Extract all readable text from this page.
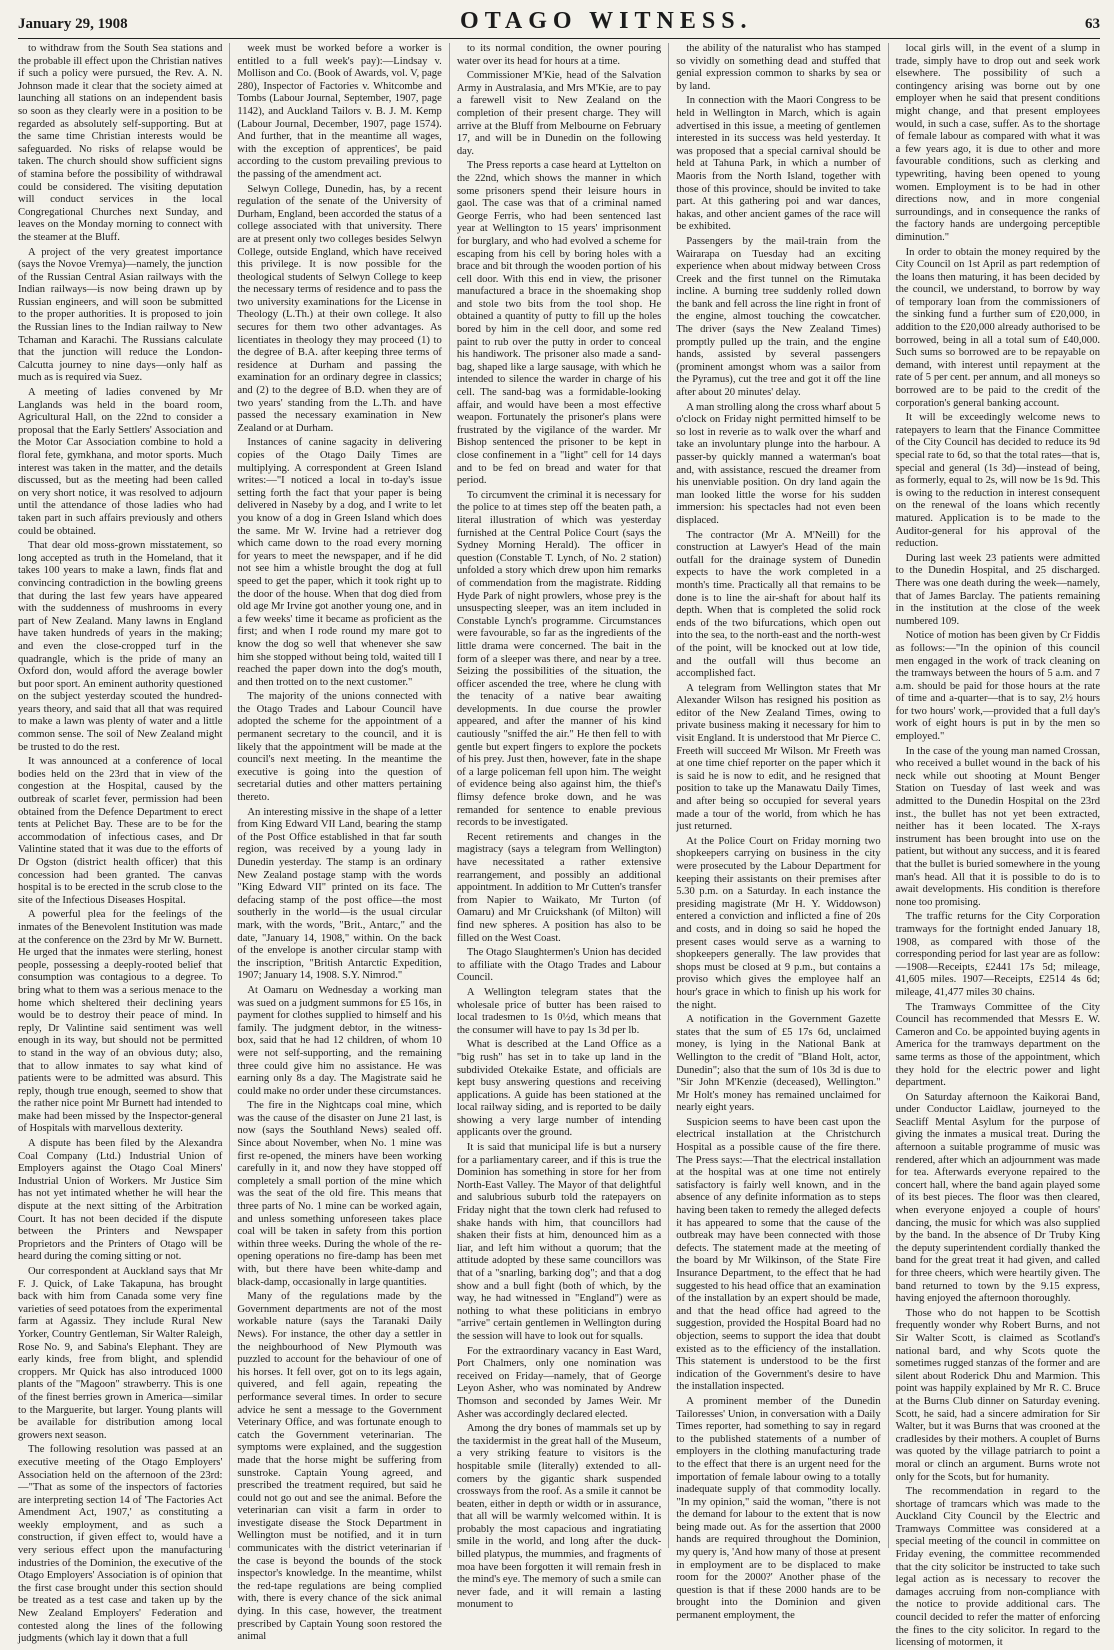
January 29, 1908	OTAGO WITNESS.	63

to withdraw from the South Sea stations and the probable ill effect upon the Christian natives if such a policy were pursued, the Rev. A. N. Johnson made it clear that the society aimed at launching all stations on an independent basis so soon as they clearly were in a position to be regarded as absolutely self-supporting. But at the same time Christian interests would be safeguarded. No risks of relapse would be taken. The church should show sufficient signs of stamina before the possibility of withdrawal could be considered. The visiting deputation will conduct services in the local Congregational Churches next Sunday, and leaves on the Monday morning to connect with the steamer at the Bluff.

A project of the very greatest importance (says the Novoe Vremya)—namely, the junction of the Russian Central Asian railways with the Indian railways—is now being drawn up by Russian engineers, and will soon be submitted to the proper authorities. It is proposed to join the Russian lines to the Indian railway to New Tchaman and Karachi. The Russians calculate that the junction will reduce the London-Calcutta journey to nine days—only half as much as is required via Suez.

A meeting of ladies convened by Mr Langlands was held in the board room, Agricultural Hall, on the 22nd to consider a proposal that the Early Settlers' Association and the Motor Car Association combine to hold a floral fete, gymkhana, and motor sports. Much interest was taken in the matter, and the details discussed, but as the meeting had been called on very short notice, it was resolved to adjourn until the attendance of those ladies who had taken part in such affairs previously and others could be obtained.

That dear old moss-grown misstatement, so long accepted as truth in the Homeland, that it takes 100 years to make a lawn, finds flat and convincing contradiction in the bowling greens that during the last few years have appeared with the suddenness of mushrooms in every part of New Zealand. Many lawns in England have taken hundreds of years in the making; and even the close-cropped turf in the quadrangle, which is the pride of many an Oxford don, would afford the average bowler but poor sport. An eminent authority questioned on the subject yesterday scouted the hundred-years theory, and said that all that was required to make a lawn was plenty of water and a little common sense. The soil of New Zealand might be trusted to do the rest.

It was announced at a conference of local bodies held on the 23rd that in view of the congestion at the Hospital, caused by the outbreak of scarlet fever, permission had been obtained from the Defence Department to erect tents at Pelichet Bay. These are to be for the accommodation of infectious cases, and Dr Valintine stated that it was due to the efforts of Dr Ogston (district health officer) that this concession had been granted. The canvas hospital is to be erected in the scrub close to the site of the Infectious Diseases Hospital.

A powerful plea for the feelings of the inmates of the Benevolent Institution was made at the conference on the 23rd by Mr W. Burnett. He urged that the inmates were sterling, honest people, possessing a deeply-rooted belief that consumption was contagious to a degree. To bring what to them was a serious menace to the home which sheltered their declining years would be to destroy their peace of mind. In reply, Dr Valintine said sentiment was well enough in its way, but should not be permitted to stand in the way of an obvious duty; also, that to allow inmates to say what kind of patients were to be admitted was absurd. This reply, though true enough, seemed to show that the rather nice point Mr Burnett had intended to make had been missed by the Inspector-general of Hospitals with marvellous dexterity.

A dispute has been filed by the Alexandra Coal Company (Ltd.) Industrial Union of Employers against the Otago Coal Miners' Industrial Union of Workers. Mr Justice Sim has not yet intimated whether he will hear the dispute at the next sitting of the Arbitration Court. It has not been decided if the dispute between the Printers and Newspaper Proprietors and the Printers of Otago will be heard during the coming sitting or not.

Our correspondent at Auckland says that Mr F. J. Quick, of Lake Takapuna, has brought back with him from Canada some very fine varieties of seed potatoes from the experimental farm at Agassiz. They include Rural New Yorker, Country Gentleman, Sir Walter Raleigh, Rose No. 9, and Sabina's Elephant. They are early kinds, free from blight, and splendid croppers. Mr Quick has also introduced 1000 plants of the "Magoon" strawberry. This is one of the finest berries grown in America—similar to the Marguerite, but larger. Young plants will be available for distribution among local growers next season.

The following resolution was passed at an executive meeting of the Otago Employers' Association held on the afternoon of the 23rd:—"That as some of the inspectors of factories are interpreting section 14 of 'The Factories Act Amendment Act, 1907,' as constituting a weekly employment, and as such a construction, if given effect to, would have a very serious effect upon the manufacturing industries of the Dominion, the executive of the Otago Employers' Association is of opinion that the first case brought under this section should be treated as a test case and taken up by the New Zealand Employers' Federation and contested along the lines of the following judgments (which lay it down that a full

week must be worked before a worker is entitled to a full week's pay):—Lindsay v. Mollison and Co. (Book of Awards, vol. V, page 280), Inspector of Factories v. Whitcombe and Tombs (Labour Journal, September, 1907, page 1142), and Auckland Tailors v. B. J. M. Kemp (Labour Journal, December, 1907, page 1574). And further, that in the meantime all wages, with the exception of apprentices', be paid according to the custom prevailing previous to the passing of the amendment act.

Selwyn College, Dunedin, has, by a recent regulation of the senate of the University of Durham, England, been accorded the status of a college associated with that university. There are at present only two colleges besides Selwyn College, outside England, which have received this privilege. It is now possible for the theological students of Selwyn College to keep the necessary terms of residence and to pass the two university examinations for the License in Theology (L.Th.) at their own college. It also secures for them two other advantages. As licentiates in theology they may proceed (1) to the degree of B.A. after keeping three terms of residence at Durham and passing the examination for an ordinary degree in classics; and (2) to the degree of B.D. when they are of two years' standing from the L.Th. and have passed the necessary examination in New Zealand or at Durham.

Instances of canine sagacity in delivering copies of the Otago Daily Times are multiplying. A correspondent at Green Island writes:—"I noticed a local in to-day's issue setting forth the fact that your paper is being delivered in Naseby by a dog, and I write to let you know of a dog in Green Island which does the same. Mr W. Irvine had a retriever dog which came down to the road every morning for years to meet the newspaper, and if he did not see him a whistle brought the dog at full speed to get the paper, which it took right up to the door of the house. When that dog died from old age Mr Irvine got another young one, and in a few weeks' time it became as proficient as the first; and when I rode round my mare got to know the dog so well that whenever she saw him she stopped without being told, waited till I reached the paper down into the dog's mouth, and then trotted on to the next customer."

The majority of the unions connected with the Otago Trades and Labour Council have adopted the scheme for the appointment of a permanent secretary to the council, and it is likely that the appointment will be made at the council's next meeting. In the meantime the executive is going into the question of secretarial duties and other matters pertaining thereto.

An interesting missive in the shape of a letter from King Edward VII Land, bearing the stamp of the Post Office established in that far south region, was received by a young lady in Dunedin yesterday. The stamp is an ordinary New Zealand postage stamp with the words "King Edward VII" printed on its face. The defacing stamp of the post office—the most southerly in the world—is the usual circular mark, with the words, "Brit., Antarc," and the date, "January 14, 1908," within. On the back of the envelope is another circular stamp with the inscription, "British Antarctic Expedition, 1907; January 14, 1908. S.Y. Nimrod."

At Oamaru on Wednesday a working man was sued on a judgment summons for £5 16s, in payment for clothes supplied to himself and his family. The judgment debtor, in the witness-box, said that he had 12 children, of whom 10 were not self-supporting, and the remaining three could give him no assistance. He was earning only 8s a day. The Magistrate said he could make no order under these circumstances.

The fire in the Nightcaps coal mine, which was the cause of the disaster on June 21 last, is now (says the Southland News) sealed off. Since about November, when No. 1 mine was first re-opened, the miners have been working carefully in it, and now they have stopped off completely a small portion of the mine which was the seat of the old fire. This means that three parts of No. 1 mine can be worked again, and unless something unforeseen takes place coal will be taken in safety from this portion within three weeks. During the whole of the re-opening operations no fire-damp has been met with, but there have been white-damp and black-damp, occasionally in large quantities.

Many of the regulations made by the Government departments are not of the most workable nature (says the Taranaki Daily News). For instance, the other day a settler in the neighbourhood of New Plymouth was puzzled to account for the behaviour of one of his horses. It fell over, got on to its legs again, quivered, and fell again, repeating the performance several times. In order to secure advice he sent a message to the Government Veterinary Office, and was fortunate enough to catch the Government veterinarian. The symptoms were explained, and the suggestion made that the horse might be suffering from sunstroke. Captain Young agreed, and prescribed the treatment required, but said he could not go out and see the animal. Before the veterinarian can visit a farm in order to investigate disease the Stock Department in Wellington must be notified, and it in turn communicates with the district veterinarian if the case is beyond the bounds of the stock inspector's knowledge. In the meantime, whilst the red-tape regulations are being complied with, there is every chance of the sick animal dying. In this case, however, the treatment prescribed by Captain Young soon restored the animal

to its normal condition, the owner pouring water over its head for hours at a time.

Commissioner M'Kie, head of the Salvation Army in Australasia, and Mrs M'Kie, are to pay a farewell visit to New Zealand on the completion of their present charge. They will arrive at the Bluff from Melbourne on February 17, and will be in Dunedin on the following day.

The Press reports a case heard at Lyttelton on the 22nd, which shows the manner in which some prisoners spend their leisure hours in gaol. The case was that of a criminal named George Ferris, who had been sentenced last year at Wellington to 15 years' imprisonment for burglary, and who had evolved a scheme for escaping from his cell by boring holes with a brace and bit through the wooden portion of his cell door. With this end in view, the prisoner manufactured a brace in the shoemaking shop and stole two bits from the tool shop. He obtained a quantity of putty to fill up the holes bored by him in the cell door, and some red paint to rub over the putty in order to conceal his handiwork. The prisoner also made a sand-bag, shaped like a large sausage, with which he intended to silence the warder in charge of his cell. The sand-bag was a formidable-looking affair, and would have been a most effective weapon. Fortunately the prisoner's plans were frustrated by the vigilance of the warder. Mr Bishop sentenced the prisoner to be kept in close confinement in a "light" cell for 14 days and to be fed on bread and water for that period.

To circumvent the criminal it is necessary for the police to at times step off the beaten path, a literal illustration of which was yesterday furnished at the Central Police Court (says the Sydney Morning Herald). The officer in question (Constable T. Lynch, of No. 2 station) unfolded a story which drew upon him remarks of commendation from the magistrate. Ridding Hyde Park of night prowlers, whose prey is the unsuspecting sleeper, was an item included in Constable Lynch's programme. Circumstances were favourable, so far as the ingredients of the little drama were concerned. The bait in the form of a sleeper was there, and near by a tree. Seizing the possibilities of the situation, the officer ascended the tree, where he clung with the tenacity of a native bear awaiting developments. In due course the prowler appeared, and after the manner of his kind cautiously "sniffed the air." He then fell to with gentle but expert fingers to explore the pockets of his prey. Just then, however, fate in the shape of a large policeman fell upon him. The weight of evidence being also against him, the thief's flimsy defence broke down, and he was remanded for sentence to enable previous records to be investigated.

Recent retirements and changes in the magistracy (says a telegram from Wellington) have necessitated a rather extensive rearrangement, and possibly an additional appointment. In addition to Mr Cutten's transfer from Napier to Waikato, Mr Turton (of Oamaru) and Mr Cruickshank (of Milton) will find new spheres. A position has also to be filled on the West Coast.

The Otago Slaughtermen's Union has decided to affiliate with the Otago Trades and Labour Council.

A Wellington telegram states that the wholesale price of butter has been raised to local tradesmen to 1s 0½d, which means that the consumer will have to pay 1s 3d per lb.

What is described at the Land Office as a "big rush" has set in to take up land in the subdivided Otekaike Estate, and officials are kept busy answering questions and receiving applications. A guide has been stationed at the local railway siding, and is reported to be daily showing a very large number of intending applicants over the ground.

It is said that municipal life is but a nursery for a parliamentary career, and if this is true the Dominion has something in store for her from North-East Valley. The Mayor of that delightful and salubrious suburb told the ratepayers on Friday night that the town clerk had refused to shake hands with him, that councillors had shaken their fists at him, denounced him as a liar, and left him without a quorum; that the attitude adopted by these same councillors was that of a "snarling, barking dog"; and that a dog show and a bull fight (both of which, by the way, he had witnessed in "England") were as nothing to what these politicians in embryo "arrive" certain gentlemen in Wellington during the session will have to look out for squalls.

For the extraordinary vacancy in East Ward, Port Chalmers, only one nomination was received on Friday—namely, that of George Leyon Asher, who was nominated by Andrew Thomson and seconded by James Weir. Mr Asher was accordingly declared elected.

Among the dry bones of mammals set up by the taxidermist in the great hall of the Museum, a very striking feature to visitors is the hospitable smile (literally) extended to all-comers by the gigantic shark suspended crossways from the roof. As a smile it cannot be beaten, either in depth or width or in assurance, that all will be warmly welcomed within. It is probably the most capacious and ingratiating smile in the world, and long after the duck-billed platypus, the mummies, and fragments of moa have been forgotten it will remain fresh in the mind's eye. The memory of such a smile can never fade, and it will remain a lasting monument to

the ability of the naturalist who has stamped so vividly on something dead and stuffed that genial expression common to sharks by sea or by land.

In connection with the Maori Congress to be held in Wellington in March, which is again advertised in this issue, a meeting of gentlemen interested in its success was held yesterday. It was proposed that a special carnival should be held at Tahuna Park, in which a number of Maoris from the North Island, together with those of this province, should be invited to take part. At this gathering poi and war dances, hakas, and other ancient games of the race will be exhibited.

Passengers by the mail-train from the Wairarapa on Tuesday had an exciting experience when about midway between Cross Creek and the first tunnel on the Rimutaka incline. A burning tree suddenly rolled down the bank and fell across the line right in front of the engine, almost touching the cowcatcher. The driver (says the New Zealand Times) promptly pulled up the train, and the engine hands, assisted by several passengers (prominent amongst whom was a sailor from the Pyramus), cut the tree and got it off the line after about 20 minutes' delay.

A man strolling along the cross wharf about 5 o'clock on Friday night permitted himself to be so lost in reverie as to walk over the wharf and take an involuntary plunge into the harbour. A passer-by quickly manned a waterman's boat and, with assistance, rescued the dreamer from his unenviable position. On dry land again the man looked little the worse for his sudden immersion: his spectacles had not even been displaced.

The contractor (Mr A. M'Neill) for the construction at Lawyer's Head of the main outfall for the drainage system of Dunedin expects to have the work completed in a month's time. Practically all that remains to be done is to line the air-shaft for about half its depth. When that is completed the solid rock ends of the two bifurcations, which open out into the sea, to the north-east and the north-west of the point, will be knocked out at low tide, and the outfall will thus become an accomplished fact.

A telegram from Wellington states that Mr Alexander Wilson has resigned his position as editor of the New Zealand Times, owing to private business making it necessary for him to visit England. It is understood that Mr Pierce C. Freeth will succeed Mr Wilson. Mr Freeth was at one time chief reporter on the paper which it is said he is now to edit, and he resigned that position to take up the Manawatu Daily Times, and after being so occupied for several years made a tour of the world, from which he has just returned.

At the Police Court on Friday morning two shopkeepers carrying on business in the city were prosecuted by the Labour Department for keeping their assistants on their premises after 5.30 p.m. on a Saturday. In each instance the presiding magistrate (Mr H. Y. Widdowson) entered a conviction and inflicted a fine of 20s and costs, and in doing so said he hoped the present cases would serve as a warning to shopkeepers generally. The law provides that shops must be closed at 9 p.m., but contains a proviso which gives the employee half an hour's grace in which to finish up his work for the night.

A notification in the Government Gazette states that the sum of £5 17s 6d, unclaimed money, is lying in the National Bank at Wellington to the credit of "Bland Holt, actor, Dunedin"; also that the sum of 10s 3d is due to "Sir John M'Kenzie (deceased), Wellington." Mr Holt's money has remained unclaimed for nearly eight years.

Suspicion seems to have been cast upon the electrical installation at the Christchurch Hospital as a possible cause of the fire there. The Press says:—That the electrical installation at the hospital was at one time not entirely satisfactory is fairly well known, and in the absence of any definite information as to steps having been taken to remedy the alleged defects it has appeared to some that the cause of the outbreak may have been connected with those defects. The statement made at the meeting of the board by Mr Wilkinson, of the State Fire Insurance Department, to the effect that he had suggested to his head office that an examination of the installation by an expert should be made, and that the head office had agreed to the suggestion, provided the Hospital Board had no objection, seems to support the idea that doubt existed as to the efficiency of the installation. This statement is understood to be the first indication of the Government's desire to have the installation inspected.

A prominent member of the Dunedin Tailoresses' Union, in conversation with a Daily Times reporter, had something to say in regard to the published statements of a number of employers in the clothing manufacturing trade to the effect that there is an urgent need for the importation of female labour owing to a totally inadequate supply of that commodity locally. "In my opinion," said the woman, "there is not the demand for labour to the extent that is now being made out. As for the assertion that 2000 hands are required throughout the Dominion, my query is, 'And how many of those at present in employment are to be displaced to make room for the 2000?' Another phase of the question is that if these 2000 hands are to be brought into the Dominion and given permanent employment, the

local girls will, in the event of a slump in trade, simply have to drop out and seek work elsewhere. The possibility of such a contingency arising was borne out by one employer when he said that present conditions might change, and that present employees would, in such a case, suffer. As to the shortage of female labour as compared with what it was a few years ago, it is due to other and more favourable conditions, such as clerking and typewriting, having been opened to young women. Employment is to be had in other directions now, and in more congenial surroundings, and in consequence the ranks of the factory hands are undergoing perceptible diminution."

In order to obtain the money required by the City Council on 1st April as part redemption of the loans then maturing, it has been decided by the council, we understand, to borrow by way of temporary loan from the commissioners of the sinking fund a further sum of £20,000, in addition to the £20,000 already authorised to be borrowed, being in all a total sum of £40,000. Such sums so borrowed are to be repayable on demand, with interest until repayment at the rate of 5 per cent. per annum, and all moneys so borrowed are to be paid to the credit of the corporation's general banking account.

It will be exceedingly welcome news to ratepayers to learn that the Finance Committee of the City Council has decided to reduce its 9d special rate to 6d, so that the total rates—that is, special and general (1s 3d)—instead of being, as formerly, equal to 2s, will now be 1s 9d. This is owing to the reduction in interest consequent on the renewal of the loans which recently matured. Application is to be made to the Auditor-general for his approval of the reduction.

During last week 23 patients were admitted to the Dunedin Hospital, and 25 discharged. There was one death during the week—namely, that of James Barclay. The patients remaining in the institution at the close of the week numbered 109.

Notice of motion has been given by Cr Fiddis as follows:—"In the opinion of this council men engaged in the work of track cleaning on the tramways between the hours of 5 a.m. and 7 a.m. should be paid for those hours at the rate of time and a-quarter—that is to say, 2½ hours for two hours' work,—provided that a full day's work of eight hours is put in by the men so employed."

In the case of the young man named Crossan, who received a bullet wound in the back of his neck while out shooting at Mount Benger Station on Tuesday of last week and was admitted to the Dunedin Hospital on the 23rd inst., the bullet has not yet been extracted, neither has it been located. The X-rays instrument has been brought into use on the patient, but without any success, and it is feared that the bullet is buried somewhere in the young man's head. All that it is possible to do is to await developments. His condition is therefore none too promising.

The traffic returns for the City Corporation tramways for the fortnight ended January 18, 1908, as compared with those of the corresponding period for last year are as follow:—1908—Receipts, £2441 17s 5d; mileage, 41,605 miles. 1907—Receipts, £2514 4s 6d; mileage, 41,477 miles 30 chains.

The Tramways Committee of the City Council has recommended that Messrs E. W. Cameron and Co. be appointed buying agents in America for the tramways department on the same terms as those of the appointment, which they hold for the electric power and light department.

On Saturday afternoon the Kaikorai Band, under Conductor Laidlaw, journeyed to the Seacliff Mental Asylum for the purpose of giving the inmates a musical treat. During the afternoon a suitable programme of music was rendered, after which an adjournment was made for tea. Afterwards everyone repaired to the concert hall, where the band again played some of its best pieces. The floor was then cleared, when everyone enjoyed a couple of hours' dancing, the music for which was also supplied by the band. In the absence of Dr Truby King the deputy superintendent cordially thanked the band for the great treat it had given, and called for three cheers, which were heartily given. The band returned to town by the 9.15 express, having enjoyed the afternoon thoroughly.

Those who do not happen to be Scottish frequently wonder why Robert Burns, and not Sir Walter Scott, is claimed as Scotland's national bard, and why Scots quote the sometimes rugged stanzas of the former and are silent about Roderick Dhu and Marmion. This point was happily explained by Mr R. C. Bruce at the Burns Club dinner on Saturday evening. Scott, he said, had a sincere admiration for Sir Walter, but it was Burns that was crooned at the cradlesides by their mothers. A couplet of Burns was quoted by the village patriarch to point a moral or clinch an argument. Burns wrote not only for the Scots, but for humanity.

The recommendation in regard to the shortage of tramcars which was made to the Auckland City Council by the Electric and Tramways Committee was considered at a special meeting of the council in committee on Friday evening, the committee recommended that the city solicitor be instructed to take such legal action as is necessary to recover the damages accruing from non-compliance with the notice to provide additional cars. The council decided to refer the matter of enforcing the fines to the city solicitor. In regard to the licensing of motormen, it
